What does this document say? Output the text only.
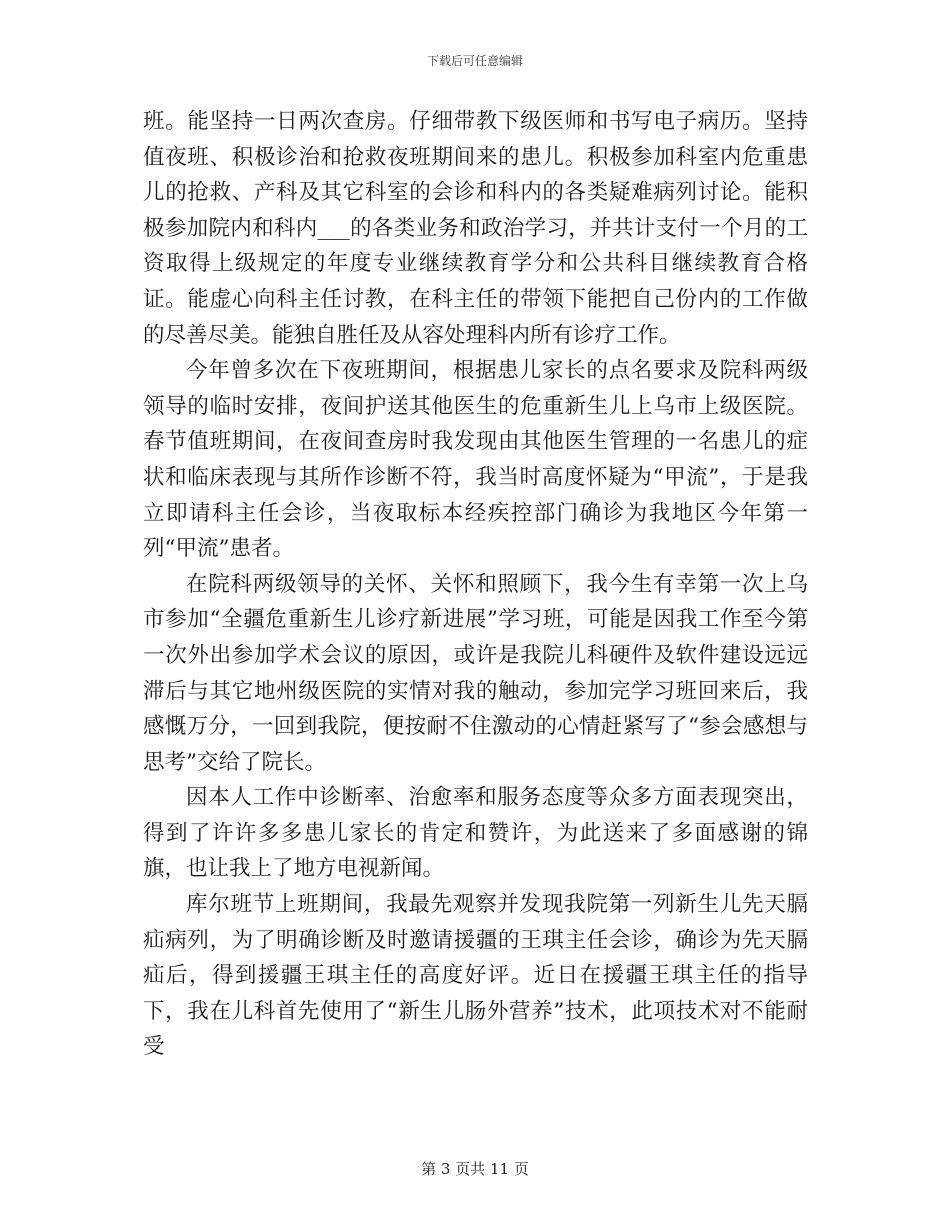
下载后可任意编辑

班。能坚持一日两次查房。仔细带教下级医师和书写电子病历。坚持值夜班、积极诊治和抢救夜班期间来的患儿。积极参加科室内危重患儿的抢救、产科及其它科室的会诊和科内的各类疑难病列讨论。能积极参加院内和科内___的各类业务和政治学习，并共计支付一个月的工资取得上级规定的年度专业继续教育学分和公共科目继续教育合格证。能虚心向科主任讨教，在科主任的带领下能把自己份内的工作做的尽善尽美。能独自胜任及从容处理科内所有诊疗工作。

今年曾多次在下夜班期间，根据患儿家长的点名要求及院科两级领导的临时安排，夜间护送其他医生的危重新生儿上乌市上级医院。春节值班期间，在夜间查房时我发现由其他医生管理的一名患儿的症状和临床表现与其所作诊断不符，我当时高度怀疑为“甲流”，于是我立即请科主任会诊，当夜取标本经疾控部门确诊为我地区今年第一列“甲流”患者。

在院科两级领导的关怀、关怀和照顾下，我今生有幸第一次上乌市参加“全疆危重新生儿诊疗新进展”学习班，可能是因我工作至今第一次外出参加学术会议的原因，或许是我院儿科硬件及软件建设远远滞后与其它地州级医院的实情对我的触动，参加完学习班回来后，我感慨万分，一回到我院，便按耐不住激动的心情赶紧写了“参会感想与思考”交给了院长。

因本人工作中诊断率、治愈率和服务态度等众多方面表现突出，得到了许许多多患儿家长的肯定和赞许，为此送来了多面感谢的锦旗，也让我上了地方电视新闻。

库尔班节上班期间，我最先观察并发现我院第一列新生儿先天膈疝病列，为了明确诊断及时邀请援疆的王琪主任会诊，确诊为先天膈疝后，得到援疆王琪主任的高度好评。近日在援疆王琪主任的指导下，我在儿科首先使用了“新生儿肠外营养”技术，此项技术对不能耐受

第 3 页共 11 页
